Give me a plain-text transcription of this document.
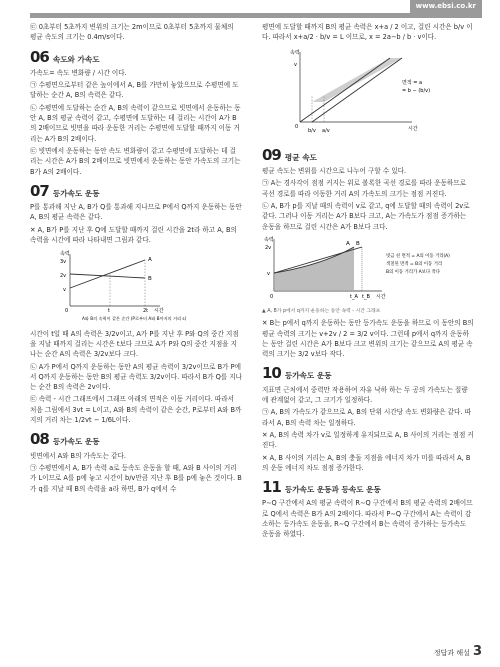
www.ebsi.co.kr

㉢ 0초부터 5초까지 변위의 크기는 2m이므로 0초부터 5초까지 물체의 평균 속도의 크기는 0.4m/s이다.

06 속도와 가속도

가속도= 속도 변화량 / 시간 이다.

㉠ 수평면으로부터 같은 높이에서 A, B를 가만히 놓았으므로 수평면에 도달하는 순간 A, B의 속력은 같다.

㉡ 수평면에 도달하는 순간 A, B의 속력이 같으므로 빗면에서 운동하는 동안 A, B의 평균 속력이 같고, 수평면에 도달하는 데 걸리는 시간이 A가 B의 2배이므로 빗면을 따라 운동한 거리는 수평면에 도달할 때까지 이동 거리는 A가 B의 2배이다.

㉢ 빗면에서 운동하는 동안 속도 변화량이 같고 수평면에 도달하는 데 걸리는 시간은 A가 B의 2배이므로 빗면에서 운동하는 동안 가속도의 크기는 B가 A의 2배이다.

07 등가속도 운동

P를 통과해 지난 A, B가 Q를 통과해 지나므로 P에서 Q까지 운동하는 동안 A, B의 평균 속력은 같다.

✕ A, B가 P를 지난 후 Q에 도달할 때까지 걸린 시간을 2t라 하고 A, B의 속력을 시간에 따라 나타내면 그림과 같다.

속력
3v
2v
v
0	t	2t 시간
A
B
A와 B의 속력이 같은 순간 (P로부터 A와 B까지의 거리 s)

시간이 t일 때 A의 속력은 3/2v이고, A가 P를 지난 후 P와 Q의 중간 지점을 지날 때까지 걸리는 시간은 t보다 크므로 A가 P와 Q의 중간 지점을 지나는 순간 A의 속력은 3/2v보다 크다.

㉡ A가 P에서 Q까지 운동하는 동안 A의 평균 속력이 3/2v이므로 B가 P에서 Q까지 운동하는 동안 B의 평균 속력도 3/2v이다. 따라서 B가 Q를 지나는 순간 B의 속력은 2v이다.

㉢ 속력 - 시간 그래프에서 그래프 아래의 면적은 이동 거리이다. 따라서 처음 그림에서 3vt = L이고, A와 B의 속력이 같은 순간, P로부터 A와 B까지의 거리 차는 1/2vt − 1/6L이다.

08 등가속도 운동

빗면에서 A와 B의 가속도는 같다.

㉠ 수평면에서 A, B가 속력 a로 등속도 운동을 할 때, A와 B 사이의 거리가 L이므로 A를 p에 놓고 시간이 b/v만큼 지난 후 B를 p에 놓은 것이다. B가 q를 지날 때 B의 속력을 a라 하면, B가 q에서 수

평면에 도달할 때까지 B의 평균 속력은 x+a / 2 이고, 걸린 시간은 b/v 이다. 따라서 x+a/2 · b/v = L 이므로, x = 2a−b / b · v이다.

속력
v
0
b/v a/v	시간
면적 = a
= b − (b/v)
09 평균 속도

평균 속도는 변위를 시간으로 나누어 구할 수 있다.

㉠ A는 경사각이 점점 커지는 위로 볼록한 곡선 경로를 따라 운동하므로 곡선 경로를 따라 이동한 거리 A의 가속도의 크기는 점점 커진다.

㉡ A, B가 p를 지날 때의 속력이 v로 같고, q에 도달할 때의 속력이 2v로 같다. 그러나 이동 거리는 A가 B보다 크고, A는 가속도가 점점 증가하는 운동을 하므로 걸린 시간은 A가 B보다 크다.

속력
B
A
2v
v
0	t_A t_B 시간
빗금 친 면적 = A의 이동 거리(A)
색칠된 면적 = B의 이동 거리
B의 이동 거리가 A보다 작다
▲ A, B가 p에서 q까지 운동하는 동안 속력 - 시간 그래프

✕ B는 p에서 q까지 운동하는 동안 등가속도 운동을 하므로 이 동안의 B의 평균 속력의 크기는 v+2v / 2 = 3/2 v이다. 그런데 p에서 q까지 운동하는 동안 걸린 시간은 A가 B보다 크고 변위의 크기는 같으므로 A의 평균 속력의 크기는 3/2 v보다 작다.

10 등가속도 운동

지표면 근처에서 중력만 작용하여 자유 낙하 하는 두 공의 가속도는 질량에 관계없이 같고, 그 크기가 일정하다.

㉠ A, B의 가속도가 같으므로 A, B의 단위 시간당 속도 변화량은 같다. 따라서 A, B의 속력 차는 일정하다.

✕ A, B의 속력 차가 v로 일정하게 유지되므로 A, B 사이의 거리는 점점 커진다.

✕ A, B 사이의 거리는 A, B의 충돌 지점을 에너지 차가 미를 따라서 A, B의 운동 에너지 차도 점점 증가한다.

11 등가속도 운동과 등속도 운동

P∼Q 구간에서 A의 평균 속력이 R∼Q 구간에서 B의 평균 속력의 2배이므로 Q에서 속력은 B가 A의 2배이다. 따라서 P∼Q 구간에서 A는 속력이 감소하는 등가속도 운동을, R∼Q 구간에서 B는 속력이 증가하는 등가속도 운동을 하였다.

정답과 해설 3
